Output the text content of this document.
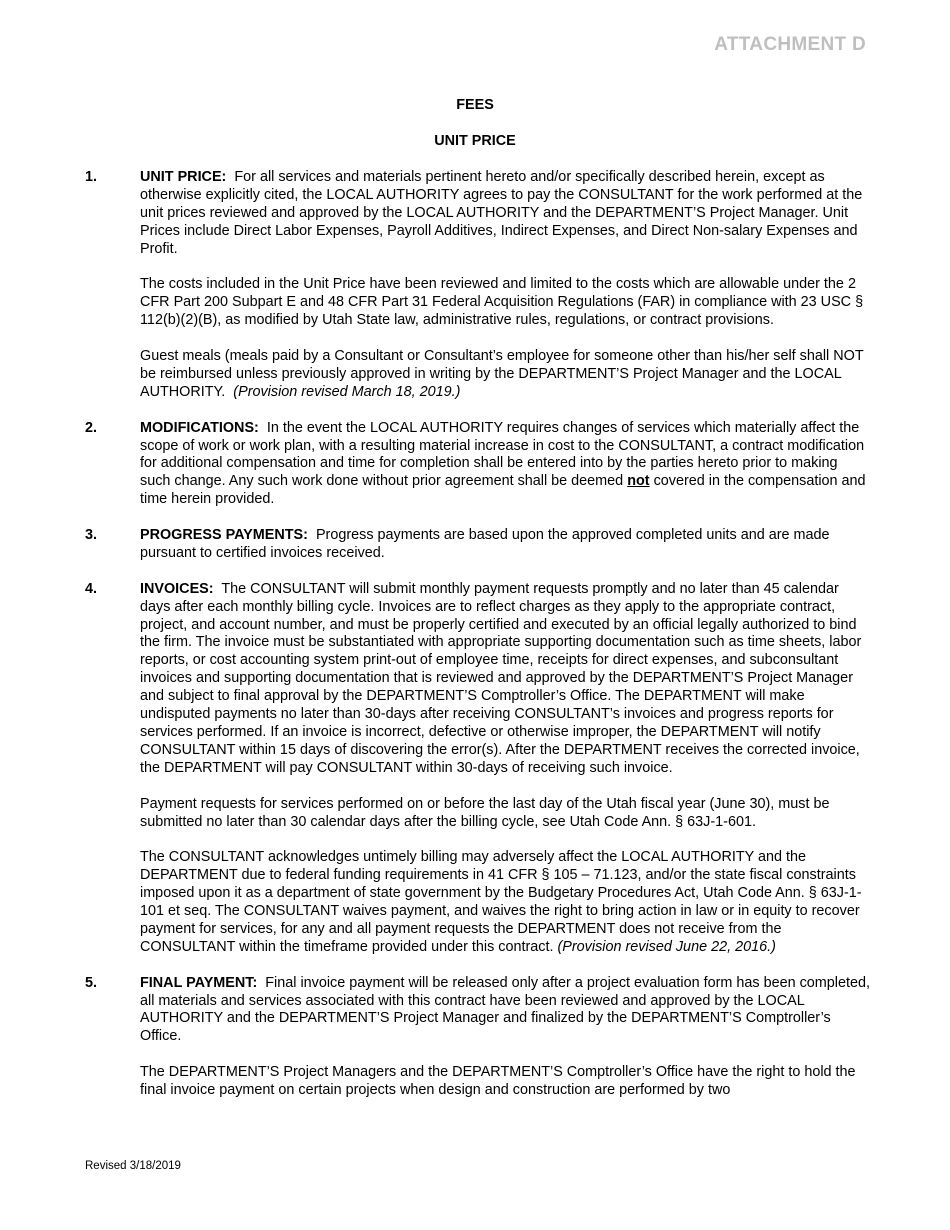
ATTACHMENT D
FEES
UNIT PRICE
1.	UNIT PRICE: For all services and materials pertinent hereto and/or specifically described herein, except as otherwise explicitly cited, the LOCAL AUTHORITY agrees to pay the CONSULTANT for the work performed at the unit prices reviewed and approved by the LOCAL AUTHORITY and the DEPARTMENT’S Project Manager. Unit Prices include Direct Labor Expenses, Payroll Additives, Indirect Expenses, and Direct Non-salary Expenses and Profit.
The costs included in the Unit Price have been reviewed and limited to the costs which are allowable under the 2 CFR Part 200 Subpart E and 48 CFR Part 31 Federal Acquisition Regulations (FAR) in compliance with 23 USC § 112(b)(2)(B), as modified by Utah State law, administrative rules, regulations, or contract provisions.
Guest meals (meals paid by a Consultant or Consultant’s employee for someone other than his/her self shall NOT be reimbursed unless previously approved in writing by the DEPARTMENT’S Project Manager and the LOCAL AUTHORITY. (Provision revised March 18, 2019.)
2.	MODIFICATIONS: In the event the LOCAL AUTHORITY requires changes of services which materially affect the scope of work or work plan, with a resulting material increase in cost to the CONSULTANT, a contract modification for additional compensation and time for completion shall be entered into by the parties hereto prior to making such change. Any such work done without prior agreement shall be deemed not covered in the compensation and time herein provided.
3.	PROGRESS PAYMENTS: Progress payments are based upon the approved completed units and are made pursuant to certified invoices received.
4.	INVOICES: The CONSULTANT will submit monthly payment requests promptly and no later than 45 calendar days after each monthly billing cycle. Invoices are to reflect charges as they apply to the appropriate contract, project, and account number, and must be properly certified and executed by an official legally authorized to bind the firm. The invoice must be substantiated with appropriate supporting documentation such as time sheets, labor reports, or cost accounting system print-out of employee time, receipts for direct expenses, and subconsultant invoices and supporting documentation that is reviewed and approved by the DEPARTMENT’S Project Manager and subject to final approval by the DEPARTMENT’S Comptroller’s Office. The DEPARTMENT will make undisputed payments no later than 30-days after receiving CONSULTANT’s invoices and progress reports for services performed. If an invoice is incorrect, defective or otherwise improper, the DEPARTMENT will notify CONSULTANT within 15 days of discovering the error(s). After the DEPARTMENT receives the corrected invoice, the DEPARTMENT will pay CONSULTANT within 30-days of receiving such invoice.
Payment requests for services performed on or before the last day of the Utah fiscal year (June 30), must be submitted no later than 30 calendar days after the billing cycle, see Utah Code Ann. § 63J-1-601.
The CONSULTANT acknowledges untimely billing may adversely affect the LOCAL AUTHORITY and the DEPARTMENT due to federal funding requirements in 41 CFR § 105 – 71.123, and/or the state fiscal constraints imposed upon it as a department of state government by the Budgetary Procedures Act, Utah Code Ann. § 63J-1-101 et seq. The CONSULTANT waives payment, and waives the right to bring action in law or in equity to recover payment for services, for any and all payment requests the DEPARTMENT does not receive from the CONSULTANT within the timeframe provided under this contract. (Provision revised June 22, 2016.)
5.	FINAL PAYMENT: Final invoice payment will be released only after a project evaluation form has been completed, all materials and services associated with this contract have been reviewed and approved by the LOCAL AUTHORITY and the DEPARTMENT’S Project Manager and finalized by the DEPARTMENT’S Comptroller’s Office.
The DEPARTMENT’S Project Managers and the DEPARTMENT’S Comptroller’s Office have the right to hold the final invoice payment on certain projects when design and construction are performed by two
Revised 3/18/2019
